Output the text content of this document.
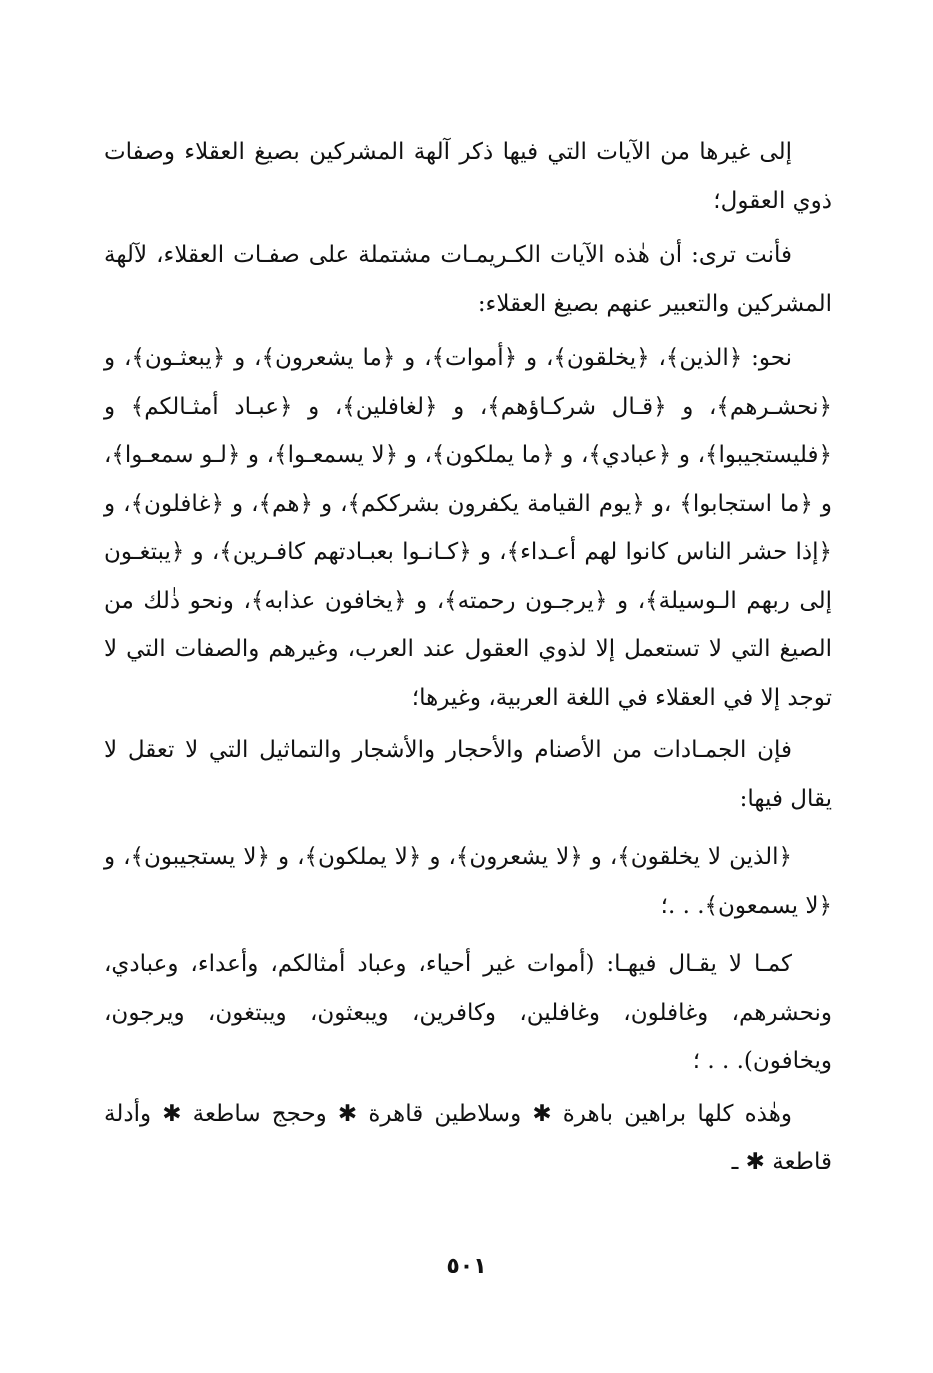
إلى غيرها من الآيات التي فيها ذكر آلهة المشركين بصيغ العقلاء وصفات ذوي العقول؛

فأنت ترى: أن هٰذه الآيات الكـريمـات مشتملة على صفـات العقلاء، لآلهة المشركين والتعبير عنهم بصيغ العقلاء:

نحو: ﴿الذين﴾، ﴿يخلقون﴾، و ﴿أموات﴾، و ﴿ما يشعرون﴾، و ﴿يبعثـون﴾، و ﴿نحشـرهم﴾، و ﴿قـال شركـاؤهم﴾، و ﴿لغافلين﴾، و ﴿عبـاد أمثـالكم﴾ و ﴿فليستجيبوا﴾، و ﴿عبادي﴾، و ﴿ما يملكون﴾، و ﴿لا يسمعـوا﴾، و ﴿لـو سمعـوا﴾، و ﴿ما استجابوا﴾ ،و ﴿يوم القيامة يكفرون بشرككم﴾، و ﴿هم﴾، و ﴿غافلون﴾، و ﴿إذا حشر الناس كانوا لهم أعـداء﴾، و ﴿كـانـوا بعبـادتهم كافـرين﴾، و ﴿يبتغـون إلى ربهم الـوسيلة﴾، و ﴿يرجـون رحمته﴾، و ﴿يخافون عذابه﴾، ونحو ذٰلك من الصيغ التي لا تستعمل إلا لذوي العقول عند العرب، وغيرهم والصفات التي لا توجد إلا في العقلاء في اللغة العربية، وغيرها؛

فإن الجمـادات من الأصنام والأحجار والأشجار والتماثيل التي لا تعقل لا يقال فيها:

﴿الذين لا يخلقون﴾، و ﴿لا يشعرون﴾، و ﴿لا يملكون﴾، و ﴿لا يستجيبون﴾، و ﴿لا يسمعون﴾. . .؛

كمـا لا يقـال فيهـا: (أموات غير أحياء، وعباد أمثالكم، وأعداء، وعبادي، ونحشرهم، وغافلون، وغافلين، وكافرين، ويبعثون، ويبتغون، ويرجون، ويخافون). . . ؛

وهٰذه كلها براهين باهرة ✱ وسلاطين قاهرة ✱ وحجج ساطعة ✱ وأدلة قاطعة ✱ ـ

٥٠١
